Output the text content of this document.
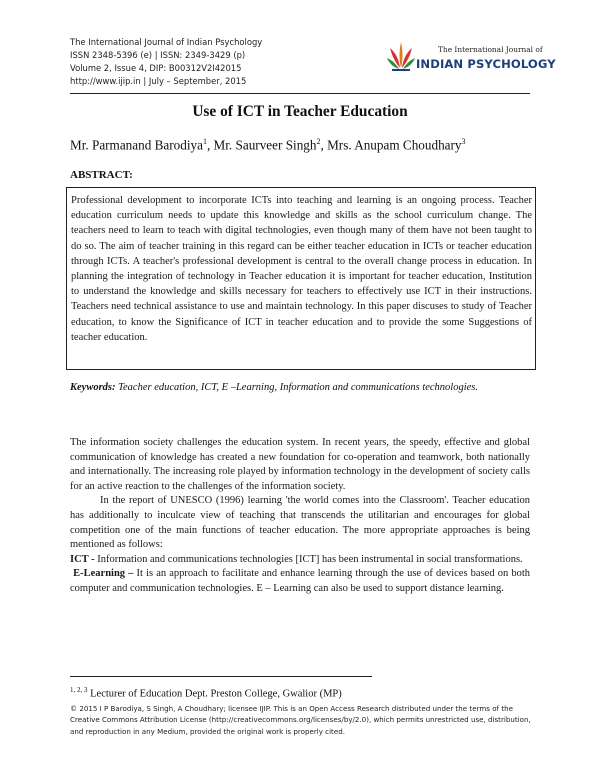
The International Journal of Indian Psychology
ISSN 2348-5396 (e) | ISSN: 2349-3429 (p)
Volume 2, Issue 4, DIP: B00312V2I42015
http://www.ijip.in | July – September, 2015
The International Journal of
INDIAN PSYCHOLOGY
Use of ICT in Teacher Education
Mr. Parmanand Barodiya$^1$, Mr. Saurveer Singh$^2$, Mrs. Anupam Choudhary$^3$
ABSTRACT:
Professional development to incorporate ICTs into teaching and learning is an ongoing process. Teacher education curriculum needs to update this knowledge and skills as the school curriculum change. The teachers need to learn to teach with digital technologies, even though many of them have not been taught to do so. The aim of teacher training in this regard can be either teacher education in ICTs or teacher education through ICTs. A teacher's professional development is central to the overall change process in education. In planning the integration of technology in Teacher education it is important for teacher education, Institution to understand the knowledge and skills necessary for teachers to effectively use ICT in their instructions. Teachers need technical assistance to use and maintain technology. In this paper discuses to study of Teacher education, to know the Significance of ICT in teacher education and to provide the some Suggestions of teacher education.
Keywords: Teacher education, ICT, E –Learning, Information and communications technologies.

The information society challenges the education system. In recent years, the speedy, effective and global communication of knowledge has created a new foundation for co-operation and teamwork, both nationally and internationally. The increasing role played by information technology in the development of society calls for an active reaction to the challenges of the information society.

In the report of UNESCO (1996) learning 'the world comes into the Classroom'. Teacher education has additionally to inculcate view of teaching that transcends the utilitarian and encourages for global competition one of the main functions of teacher education. The more appropriate approaches is being mentioned as follows:

ICT - Information and communications technologies [ICT] has been instrumental in social transformations.

E-Learning – It is an approach to facilitate and enhance learning through the use of devices based on both computer and communication technologies. E – Learning can also be used to support distance learning.

$^{1, 2, 3}$ Lecturer of Education Dept. Preston College, Gwalior (MP)
© 2015 I P Barodiya, S Singh, A Choudhary; licensee IJIP. This is an Open Access Research distributed under the terms of the Creative Commons Attribution License (http://creativecommons.org/licenses/by/2.0), which permits unrestricted use, distribution, and reproduction in any Medium, provided the original work is properly cited.
